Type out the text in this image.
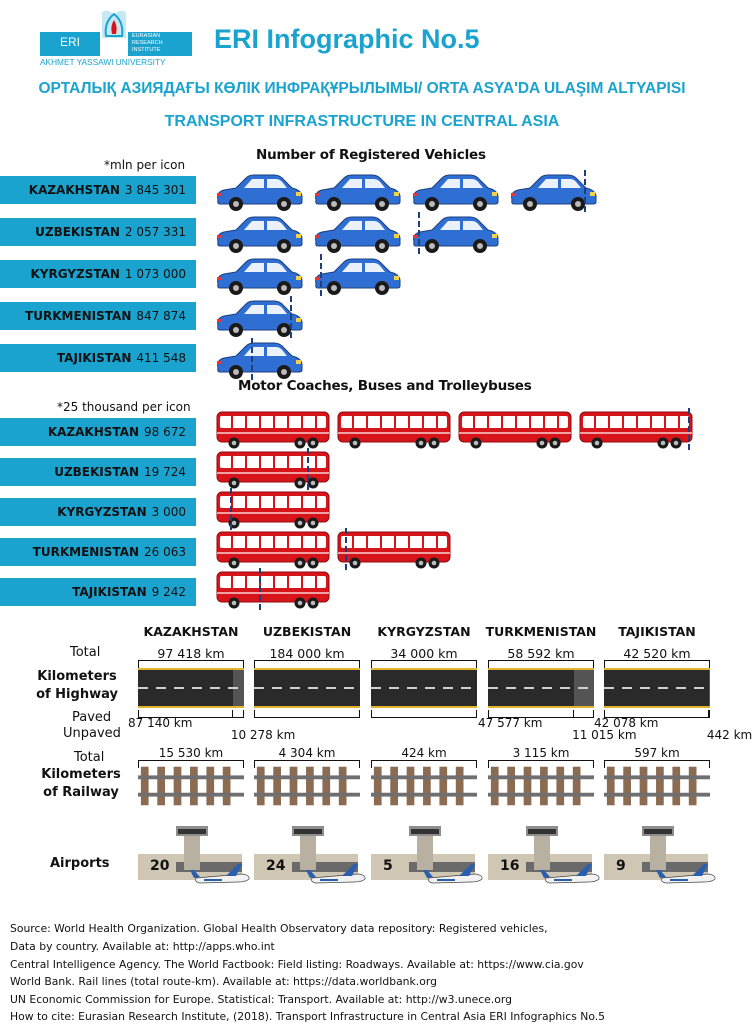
ERI	EURASIAN
RESEARCH
INSTITUTE
AKHMET YASSAWI UNIVERSITY
ERI Infographic No.5
ОРТАЛЫҚ АЗИЯДАҒЫ КӨЛІК ИНФРАҚҰРЫЛЫМЫ/ ORTA ASYA'DA ULAŞIM ALTYAPISI
TRANSPORT INFRASTRUCTURE IN CENTRAL ASIA
Number of Registered Vehicles
*mln per icon
KAZAKHSTAN 3 845 301
UZBEKISTAN 2 057 331
KYRGYZSTAN 1 073 000
TURKMENISTAN 847 874
TAJIKISTAN 411 548
Motor Coaches, Buses and Trolleybuses
*25 thousand per icon
KAZAKHSTAN 98 672
UZBEKISTAN 19 724
KYRGYZSTAN 3 000
TURKMENISTAN 26 063
TAJIKISTAN 9 242
KAZAKHSTAN
97 418 km
87 140 km
10 278 km
15 530 km
20
UZBEKISTAN
184 000 km
4 304 km
24
KYRGYZSTAN
34 000 km
424 km
5
TURKMENISTAN
58 592 km
47 577 km
11 015 km
3 115 km
16
TAJIKISTAN
42 520 km
42 078 km
442 km
597 km
9
Total
Kilometers
of Highway
Paved
Unpaved
Total
Kilometers
of Railway
Airports
Source: World Health Organization. Global Health Observatory data repository: Registered vehicles,
Data by country. Available at: http://apps.who.int
Central Intelligence Agency. The World Factbook: Field listing: Roadways. Available at: https://www.cia.gov
World Bank. Rail lines (total route-km). Available at: https://data.worldbank.org
UN Economic Commission for Europe. Statistical: Transport. Available at: http://w3.unece.org
How to cite: Eurasian Research Institute, (2018). Transport Infrastructure in Central Asia ERI Infographics No.5
